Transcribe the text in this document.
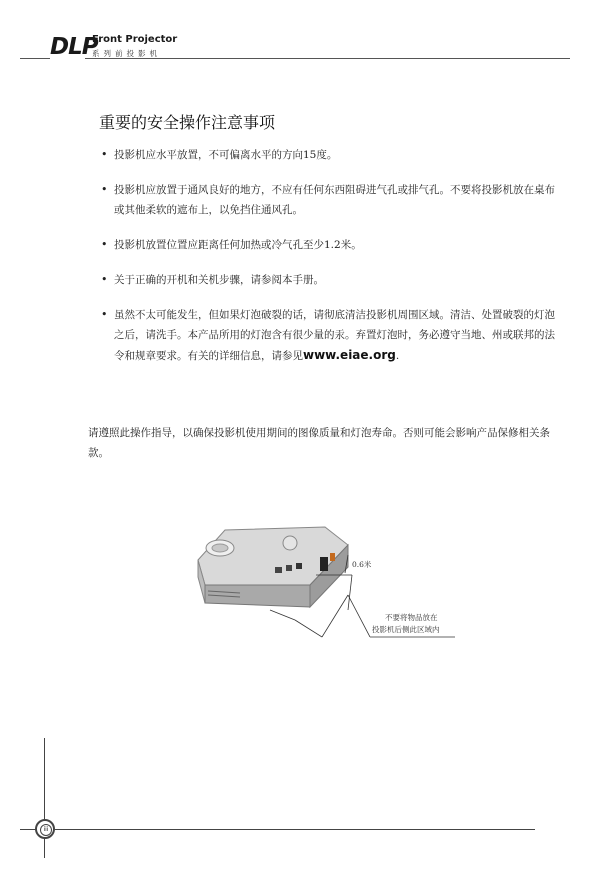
DLP
Front Projector
系列前投影机
重要的安全操作注意事项
• 投影机应水平放置，不可偏离水平的方向15度。
• 投影机应放置于通风良好的地方，不应有任何东西阻碍进气孔或排气孔。不要将投影机放在桌布或其他柔软的遮布上，以免挡住通风孔。
• 投影机放置位置应距离任何加热或冷气孔至少1.2米。
• 关于正确的开机和关机步骤，请参阅本手册。
• 虽然不太可能发生，但如果灯泡破裂的话，请彻底清洁投影机周围区域。清洁、处置破裂的灯泡之后，请洗手。本产品所用的灯泡含有很少量的汞。弃置灯泡时，务必遵守当地、州或联邦的法令和规章要求。有关的详细信息，请参见www.eiae.org.
请遵照此操作指导，以确保投影机使用期间的图像质量和灯泡寿命。否则可能会影响产品保修相关条款。
0.6米
不要将物品放在
投影机后侧此区域内
iii
